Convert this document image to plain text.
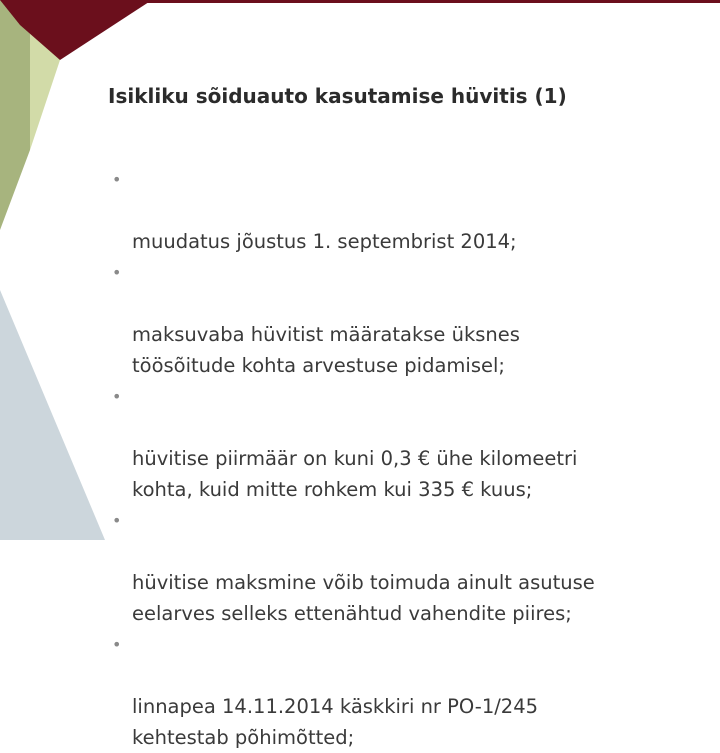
Isikliku sõiduauto kasutamise hüvitis (1)

•

muudatus jõustus 1. septembrist 2014;

•

maksuvaba hüvitist määratakse üksnes
töösõitude kohta arvestuse pidamisel;

•

hüvitise piirmäär on kuni 0,3 € ühe kilomeetri
kohta, kuid mitte rohkem kui 335 € kuus;

•

hüvitise maksmine võib toimuda ainult asutuse
eelarves selleks ettenähtud vahendite piires;

•

linnapea 14.11.2014 käskkiri nr PO-1/245
kehtestab põhimõtted;
